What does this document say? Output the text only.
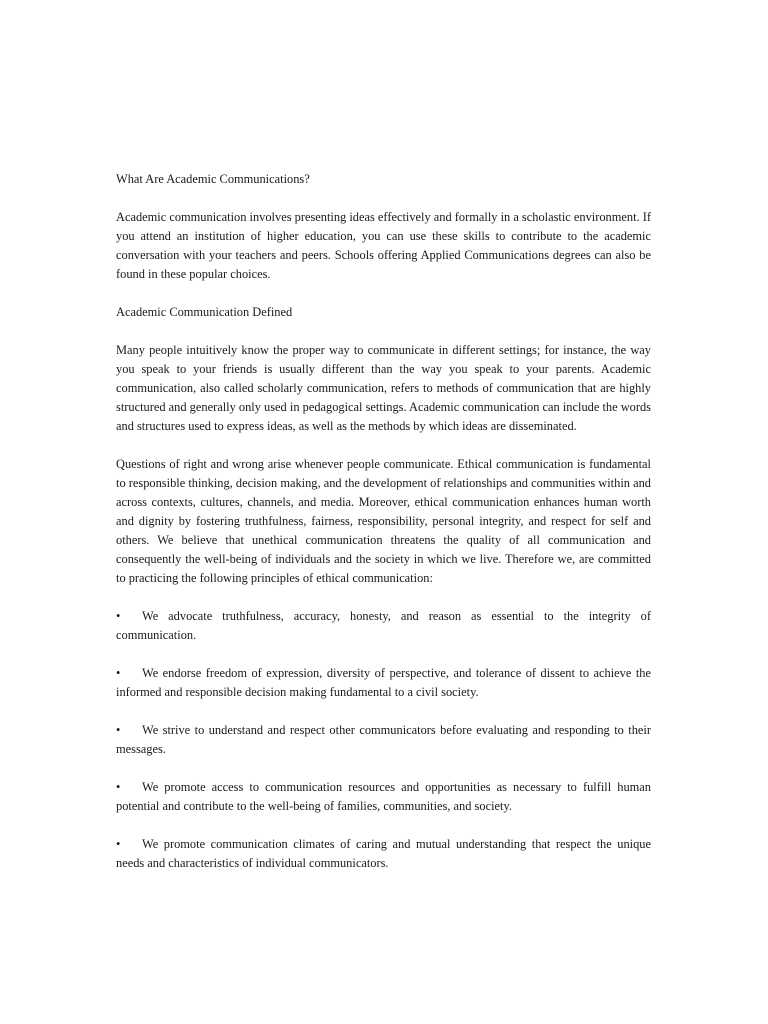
What Are Academic Communications?

Academic communication involves presenting ideas effectively and formally in a scholastic environment. If you attend an institution of higher education, you can use these skills to contribute to the academic conversation with your teachers and peers. Schools offering Applied Communications degrees can also be found in these popular choices.

Academic Communication Defined

Many people intuitively know the proper way to communicate in different settings; for instance, the way you speak to your friends is usually different than the way you speak to your parents. Academic communication, also called scholarly communication, refers to methods of communication that are highly structured and generally only used in pedagogical settings. Academic communication can include the words and structures used to express ideas, as well as the methods by which ideas are disseminated.

Questions of right and wrong arise whenever people communicate. Ethical communication is fundamental to responsible thinking, decision making, and the development of relationships and communities within and across contexts, cultures, channels, and media. Moreover, ethical communication enhances human worth and dignity by fostering truthfulness, fairness, responsibility, personal integrity, and respect for self and others. We believe that unethical communication threatens the quality of all communication and consequently the well-being of individuals and the society in which we live. Therefore we, are committed to practicing the following principles of ethical communication:

• We advocate truthfulness, accuracy, honesty, and reason as essential to the integrity of communication.

• We endorse freedom of expression, diversity of perspective, and tolerance of dissent to achieve the informed and responsible decision making fundamental to a civil society.

• We strive to understand and respect other communicators before evaluating and responding to their messages.

• We promote access to communication resources and opportunities as necessary to fulfill human potential and contribute to the well-being of families, communities, and society.

• We promote communication climates of caring and mutual understanding that respect the unique needs and characteristics of individual communicators.
